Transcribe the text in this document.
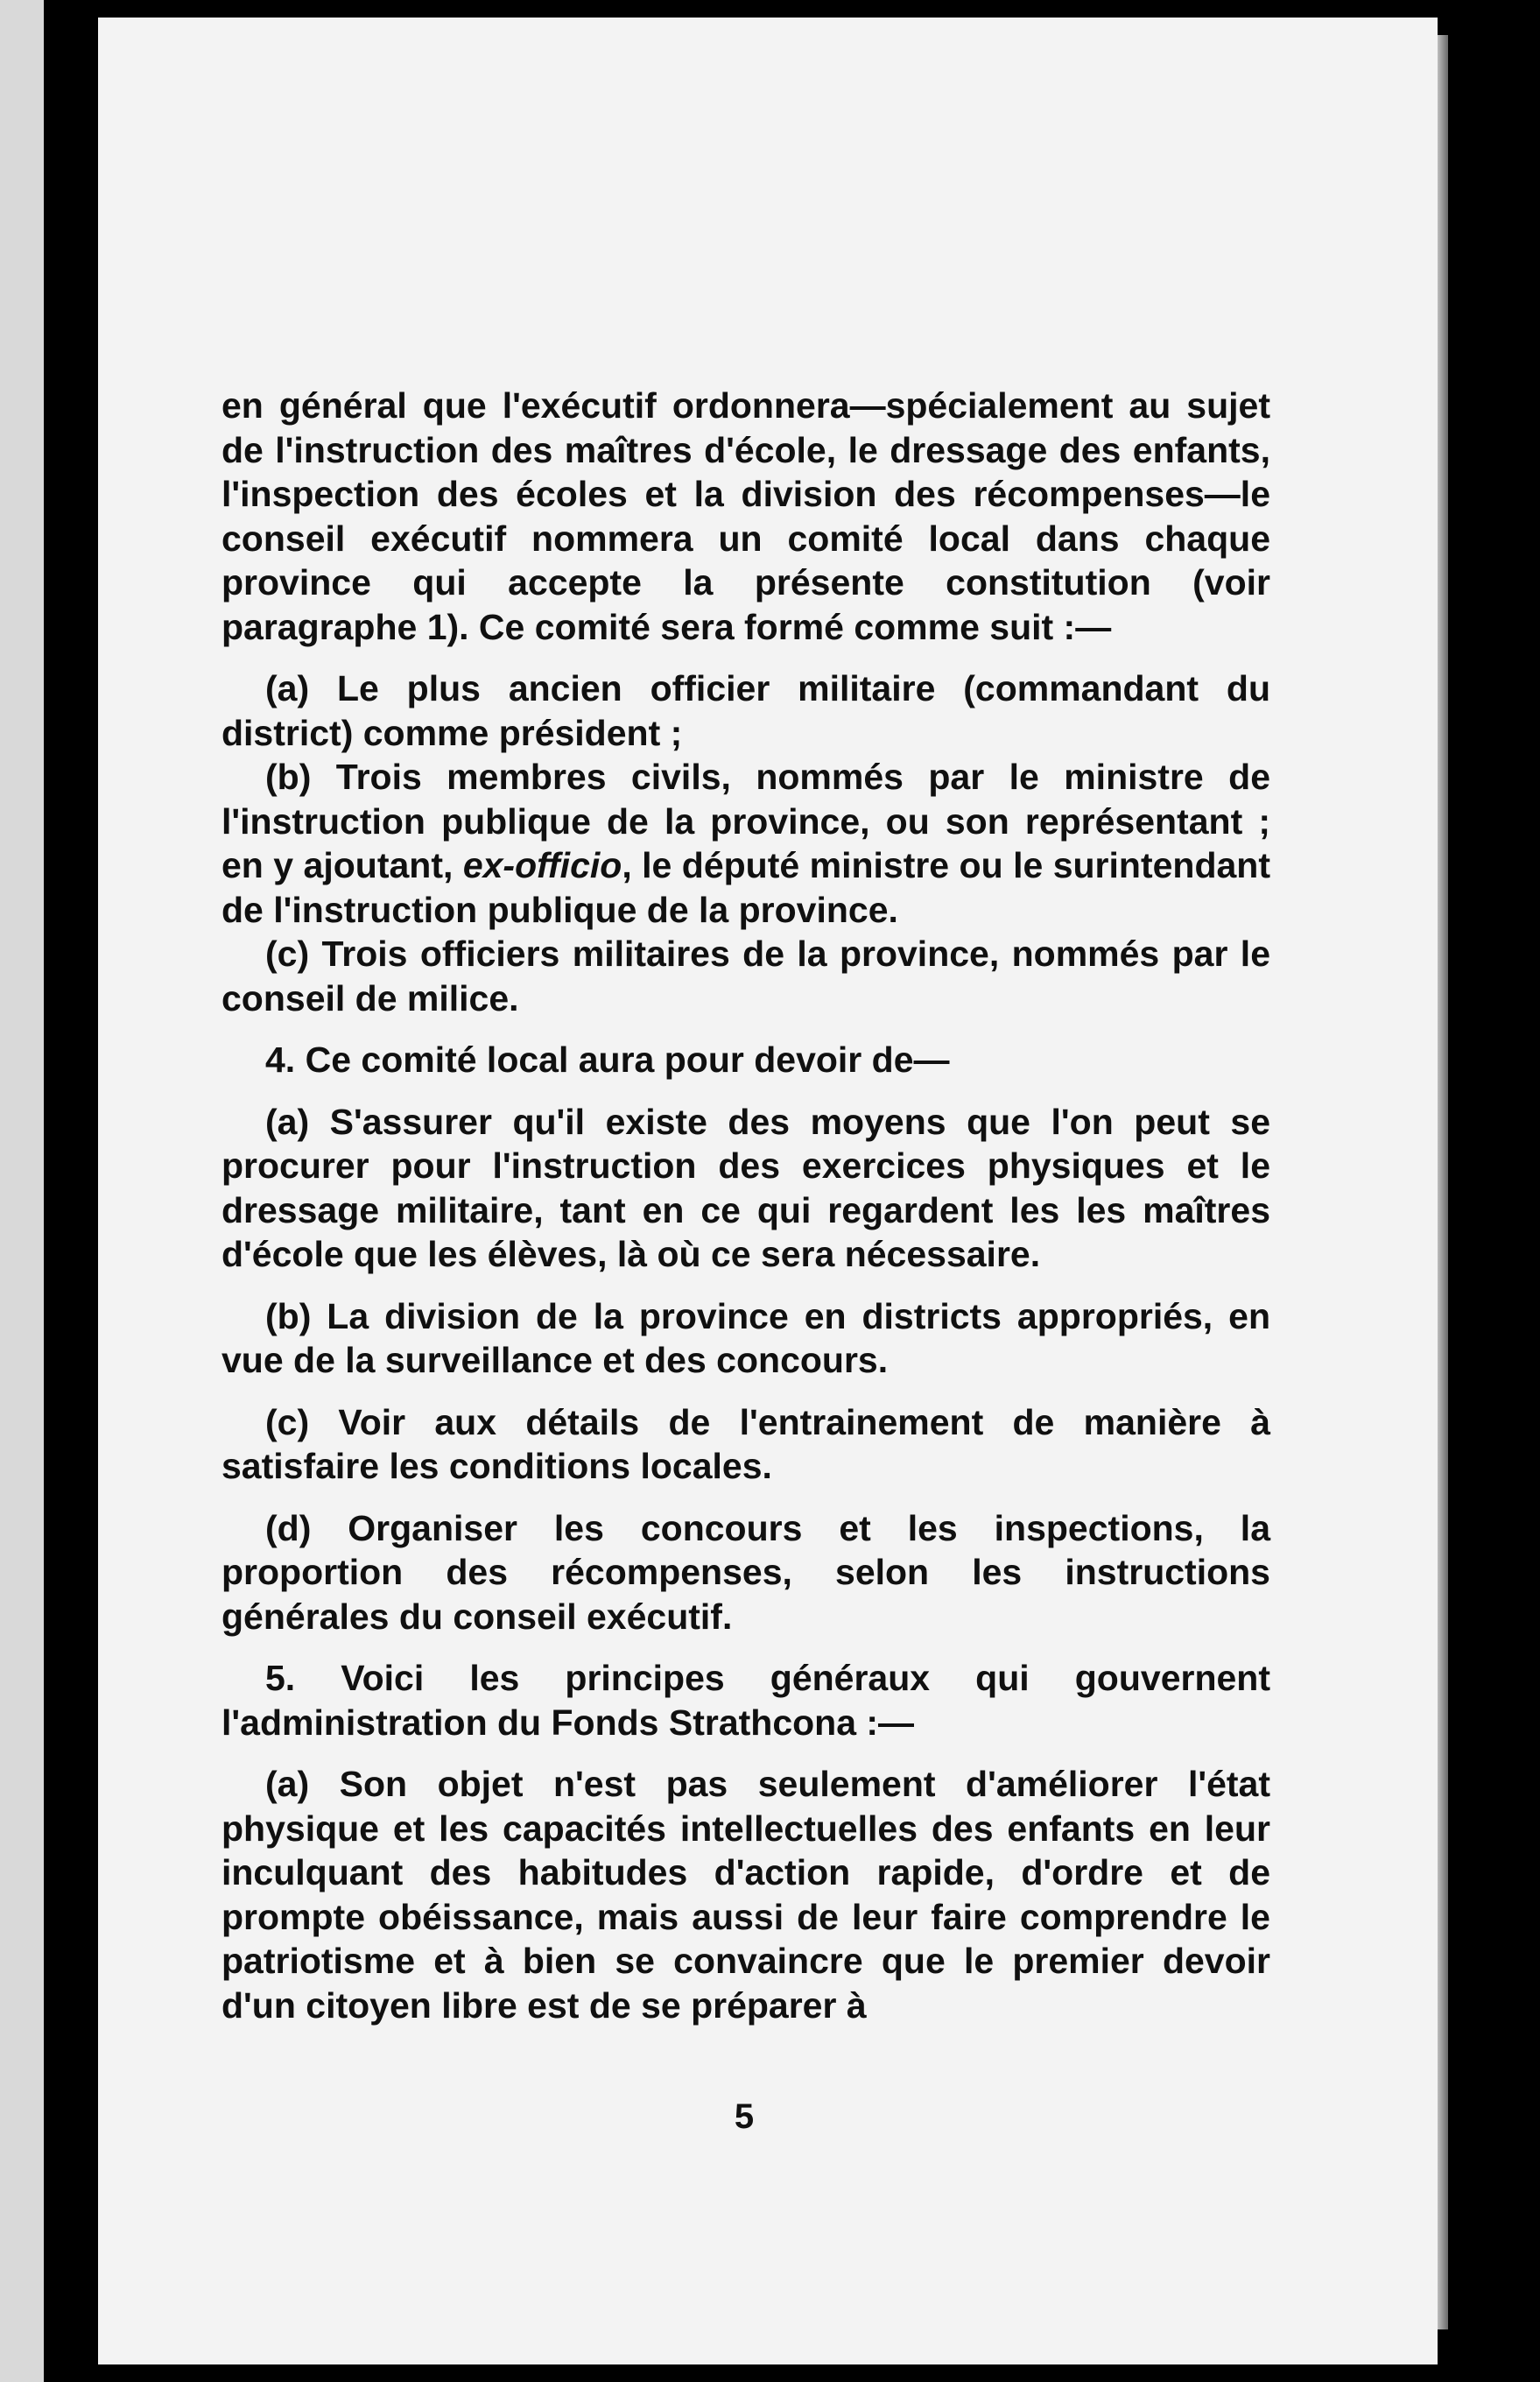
en général que l'exécutif ordonnera—spécialement au sujet de l'instruction des maîtres d'école, le dressage des enfants, l'inspection des écoles et la division des récompenses—le conseil exécutif nommera un comité local dans chaque province qui accepte la présente constitution (voir paragraphe 1). Ce comité sera formé comme suit :—

(a) Le plus ancien officier militaire (commandant du district) comme président ;

(b) Trois membres civils, nommés par le ministre de l'instruction publique de la province, ou son représentant ; en y ajoutant, ex-officio, le député ministre ou le surintendant de l'instruction publique de la province.

(c) Trois officiers militaires de la province, nommés par le conseil de milice.

4. Ce comité local aura pour devoir de—

(a) S'assurer qu'il existe des moyens que l'on peut se procurer pour l'instruction des exercices physiques et le dressage militaire, tant en ce qui regardent les les maîtres d'école que les élèves, là où ce sera nécessaire.

(b) La division de la province en districts appropriés, en vue de la surveillance et des concours.

(c) Voir aux détails de l'entrainement de manière à satisfaire les conditions locales.

(d) Organiser les concours et les inspections, la proportion des récompenses, selon les instructions générales du conseil exécutif.

5. Voici les principes généraux qui gouvernent l'administration du Fonds Strathcona :—

(a) Son objet n'est pas seulement d'améliorer l'état physique et les capacités intellectuelles des enfants en leur inculquant des habitudes d'action rapide, d'ordre et de prompte obéissance, mais aussi de leur faire comprendre le patriotisme et à bien se convaincre que le premier devoir d'un citoyen libre est de se préparer à

5
